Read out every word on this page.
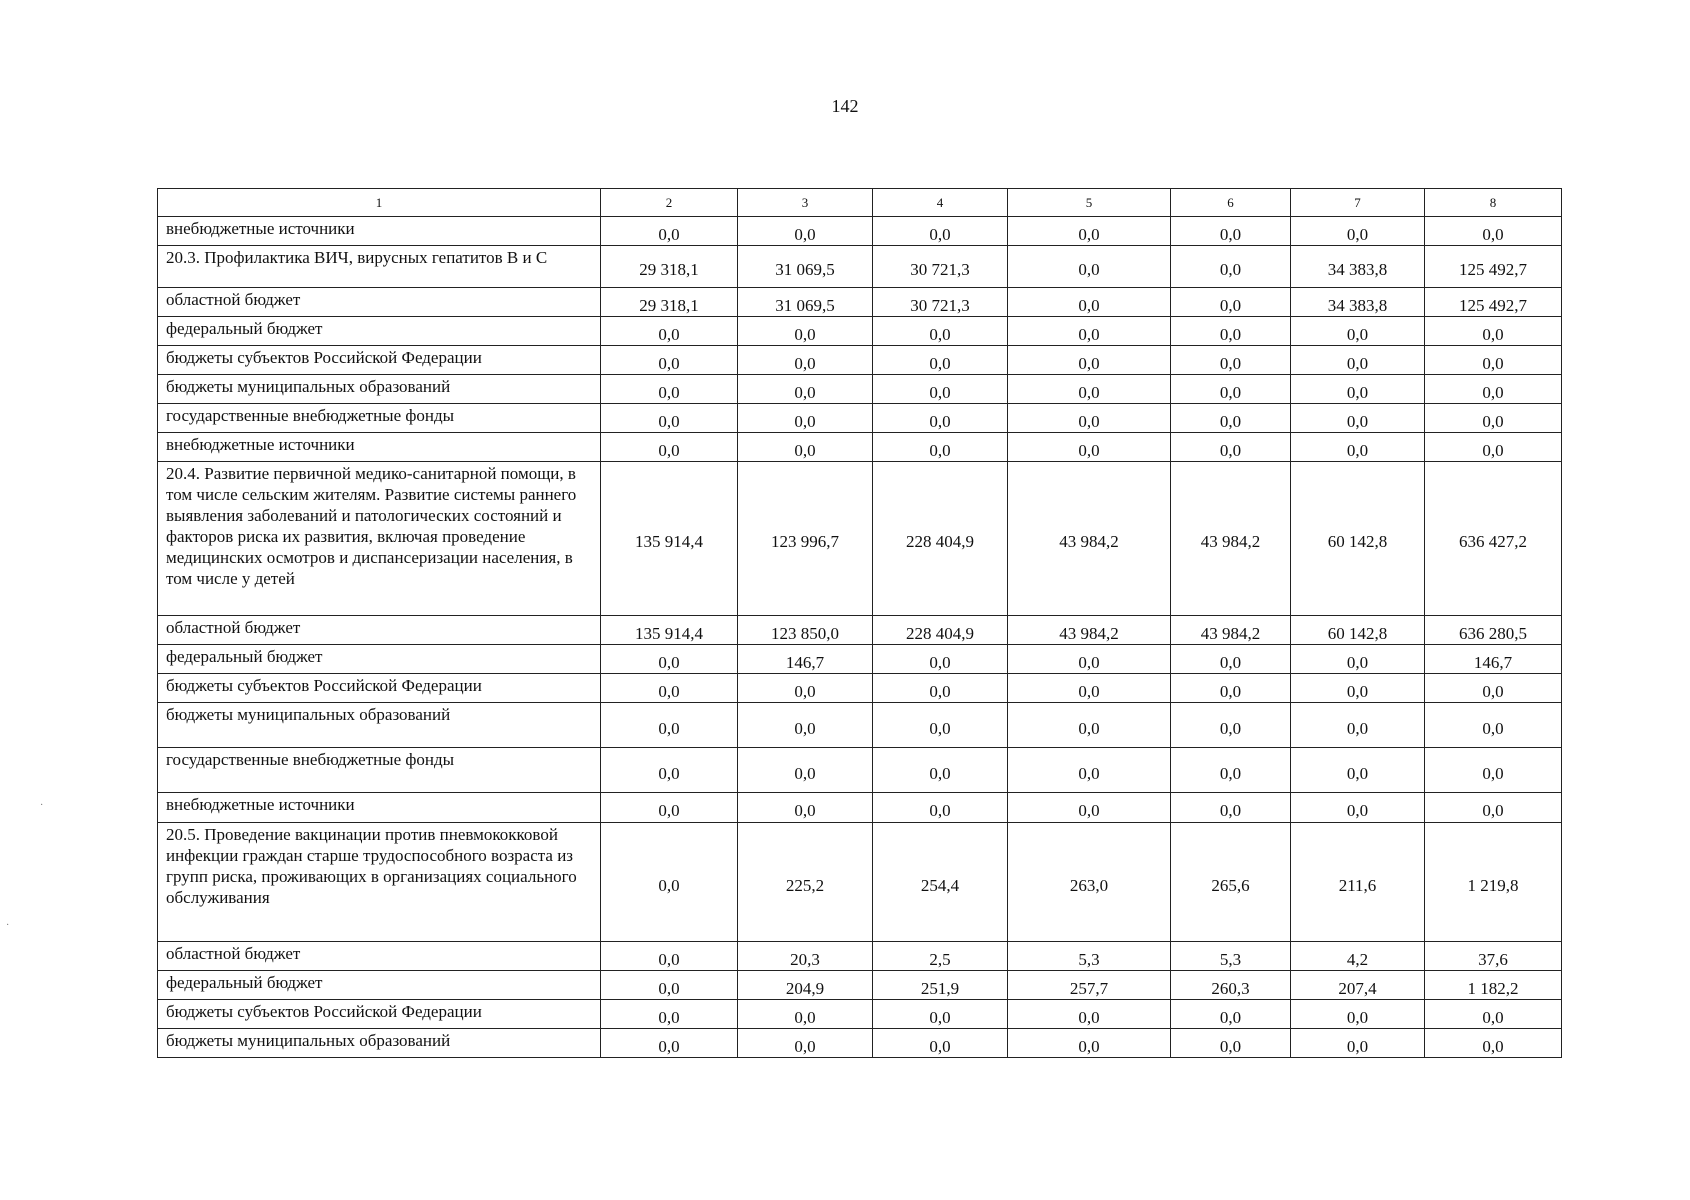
142
1	2	3	4	5	6	7	8
внебюджетные источники	0,0	0,0	0,0	0,0	0,0	0,0	0,0
20.3. Профилактика ВИЧ, вирусных гепатитов В и С	29 318,1	31 069,5	30 721,3	0,0	0,0	34 383,8	125 492,7
областной бюджет	29 318,1	31 069,5	30 721,3	0,0	0,0	34 383,8	125 492,7
федеральный бюджет	0,0	0,0	0,0	0,0	0,0	0,0	0,0
бюджеты субъектов Российской Федерации	0,0	0,0	0,0	0,0	0,0	0,0	0,0
бюджеты муниципальных образований	0,0	0,0	0,0	0,0	0,0	0,0	0,0
государственные внебюджетные фонды	0,0	0,0	0,0	0,0	0,0	0,0	0,0
внебюджетные источники	0,0	0,0	0,0	0,0	0,0	0,0	0,0
20.4. Развитие первичной медико-санитарной помощи, в том числе сельским жителям. Развитие системы раннего выявления заболеваний и патологических состояний и факторов риска их развития, включая проведение медицинских осмотров и диспансеризации населения, в том числе у детей	135 914,4	123 996,7	228 404,9	43 984,2	43 984,2	60 142,8	636 427,2
областной бюджет	135 914,4	123 850,0	228 404,9	43 984,2	43 984,2	60 142,8	636 280,5
федеральный бюджет	0,0	146,7	0,0	0,0	0,0	0,0	146,7
бюджеты субъектов Российской Федерации	0,0	0,0	0,0	0,0	0,0	0,0	0,0
бюджеты муниципальных образований	0,0	0,0	0,0	0,0	0,0	0,0	0,0
государственные внебюджетные фонды	0,0	0,0	0,0	0,0	0,0	0,0	0,0
внебюджетные источники	0,0	0,0	0,0	0,0	0,0	0,0	0,0
20.5. Проведение вакцинации против пневмококковой инфекции граждан старше трудоспособного возраста из групп риска, проживающих в организациях социального обслуживания	0,0	225,2	254,4	263,0	265,6	211,6	1 219,8
областной бюджет	0,0	20,3	2,5	5,3	5,3	4,2	37,6
федеральный бюджет	0,0	204,9	251,9	257,7	260,3	207,4	1 182,2
бюджеты субъектов Российской Федерации	0,0	0,0	0,0	0,0	0,0	0,0	0,0
бюджеты муниципальных образований	0,0	0,0	0,0	0,0	0,0	0,0	0,0
·
·
